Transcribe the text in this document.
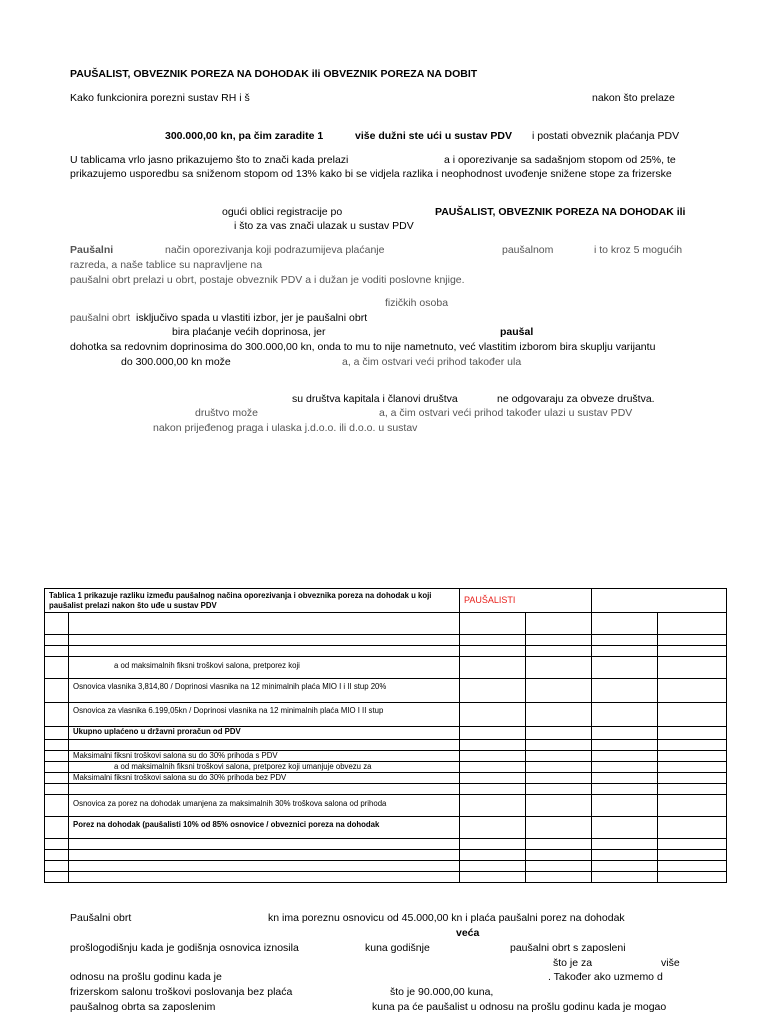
PAUŠALIST, OBVEZNIK POREZA NA DOHODAK ili OBVEZNIK POREZA NA DOBIT
Kako funkcionira porezni sustav RH i š	nakon što prelaze
300.000,00 kn, pa čim zaradite 1	više dužni ste ući u sustav PDV i postati obveznik plaćanja PDV
U tablicama vrlo jasno prikazujemo što to znači kada prelazi	a i oporezivanje sa sadašnjom stopom od 25%, te
prikazujemo usporedbu sa sniženom stopom od 13% kako bi se vidjela razlika i neophodnost uvođenje snižene stope za frizerske
ogući oblici registracije po	PAUŠALIST, OBVEZNIK POREZA NA DOHODAK ili
i što za vas znači ulazak u sustav PDV
Paušalni	način oporezivanja koji podrazumijeva plaćanje	paušalnom	i to kroz 5 mogućih
razreda, a naše tablice su napravljene na
paušalni obrt prelazi u obrt, postaje obveznik PDV a i dužan je voditi poslovne knjige.
fizičkih osoba
paušalni obrt isključivo spada u vlastiti izbor, jer je paušalni obrt
bira plaćanje većih doprinosa, jer	paušal
dohotka sa redovnim doprinosima do 300.000,00 kn, onda to mu to nije nametnuto, već vlastitim izborom bira skuplju varijantu
do 300.000,00 kn može	a, a čim ostvari veći prihod također ula
su društva kapitala i članovi društva	ne odgovaraju za obveze društva.
društvo može	a, a čim ostvari veći prihod također ulazi u sustav PDV
nakon prijeđenog praga i ulaska j.d.o.o. ili d.o.o. u sustav
Tablica 1 prikazuje razliku između paušalnog načina oporezivanja i obveznika poreza na dohodak u koji paušalist prelazi nakon što uđe u sustav PDV		PAUŠALISTI			

	a od maksimalnih fiksni troškovi salona, pretporez koji				
	Osnovica vlasnika 3,814,80 / Doprinosi vlasnika na 12 minimalnih plaća MIO I i II stup 20%				
	Osnovica za vlasnika 6.199,05kn / Doprinosi vlasnika na 12 minimalnih plaća MIO I II stup				
	Ukupno uplaćeno u državni proračun od PDV				

	Maksimalni fiksni troškovi salona su do 30% prihoda s PDV				
	a od maksimalnih fiksni troškovi salona, pretporez koji umanjuje obvezu za				
	Maksimalni fiksni troškovi salona su do 30% prihoda bez PDV				

	Osnovica za porez na dohodak umanjena za maksimalnih 30% troškova salona od prihoda				
	Porez na dohodak (paušalisti 10% od 85% osnovice / obveznici poreza na dohodak				

Paušalni obrt	kn ima poreznu osnovicu od 45.000,00 kn i plaća paušalni porez na dohodak
veća
prošlogodišnju kada je godišnja osnovica iznosila	kuna godišnje	paušalni obrt s zaposleni
što je za	više
odnosu na prošlu godinu kada je	. Također ako uzmemo d
frizerskom salonu troškovi poslovanja bez plaća	što je 90.000,00 kuna,
paušalnog obrta sa zaposlenim	kuna pa će paušalist u odnosu na prošlu godinu kada je mogao
